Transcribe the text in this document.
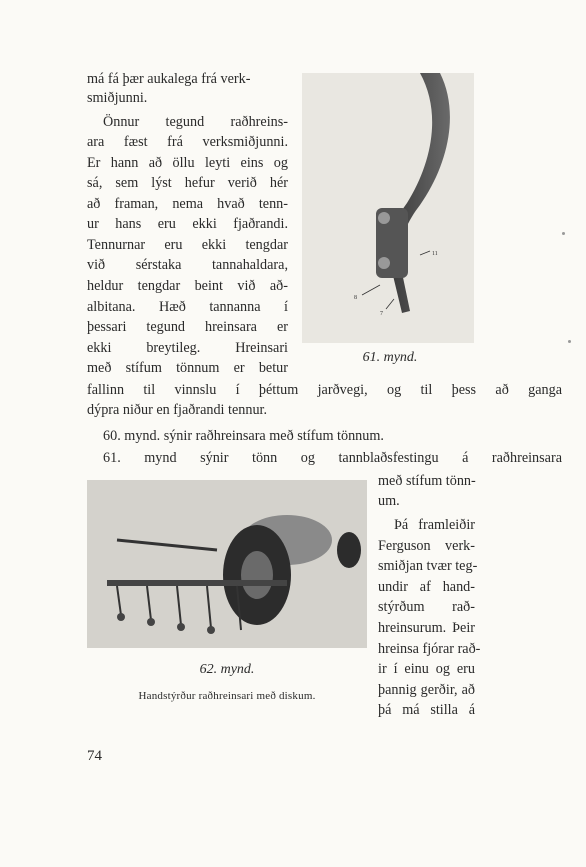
má fá þær aukalega frá verk-
smiðjunni.
Önnur tegund raðhreins-
ara fæst frá verksmiðjunni.
Er hann að öllu leyti eins og
sá, sem lýst hefur verið hér
að framan, nema hvað tenn-
ur hans eru ekki fjaðrandi.
Tennurnar eru ekki tengdar
við sérstaka tannahaldara,
heldur tengdar beint við að-
albitana. Hæð tannanna í
þessari tegund hreinsara er
ekki breytileg. Hreinsari
með stífum tönnum er betur
11
8
7
61. mynd.
fallinn til vinnslu í þéttum jarðvegi, og til þess að ganga
dýpra niður en fjaðrandi tennur.
60. mynd. sýnir raðhreinsara með stífum tönnum.
61. mynd sýnir tönn og tannblaðsfestingu á raðhreinsara
62. mynd.
Handstýrður raðhreinsari með diskum.
með stífum tönn-
um.
Þá framleiðir
Ferguson verk-
smiðjan tvær teg-
undir af hand-
stýrðum rað-
hreinsurum. Þeir
hreinsa fjórar rað-
ir í einu og eru
þannig gerðir, að
þá má stilla á
74
